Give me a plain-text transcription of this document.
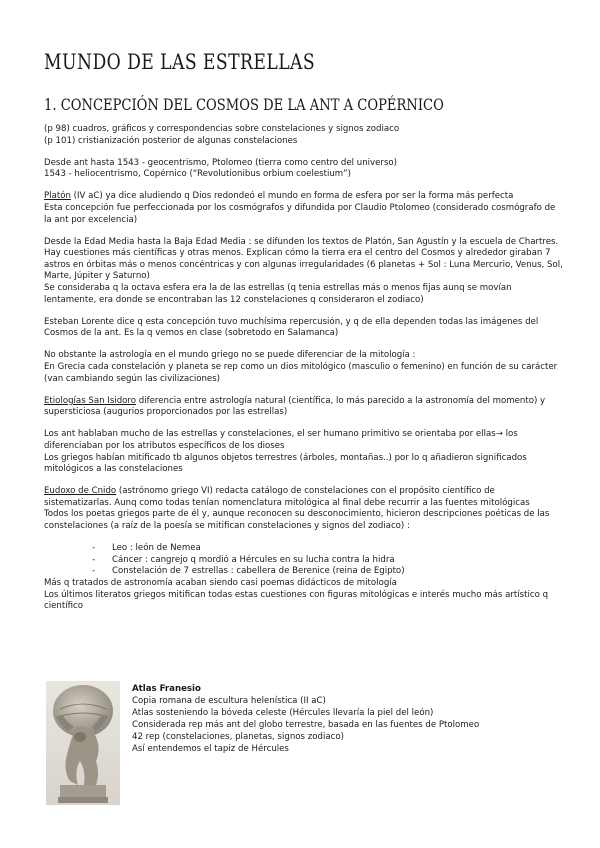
MUNDO DE LAS ESTRELLAS
1. CONCEPCIÓN DEL COSMOS DE LA ANT A COPÉRNICO

(p 98) cuadros, gráficos y correspondencias sobre constelaciones y signos zodiaco
(p 101) cristianización posterior de algunas constelaciones

Desde ant hasta 1543 - geocentrismo, Ptolomeo (tierra como centro del universo)
1543 - heliocentrismo, Copérnico (“Revolutionibus orbium coelestium”)

Platón (IV aC) ya dice aludiendo q Dios redondeó el mundo en forma de esfera por ser la forma más perfecta
Esta concepción fue perfeccionada por los cosmógrafos y difundida por Claudio Ptolomeo (considerado cosmógrafo de la ant por excelencia)

Desde la Edad Media hasta la Baja Edad Media : se difunden los textos de Platón, San Agustín y la escuela de Chartres. Hay cuestiones más científicas y otras menos. Explican cómo la tierra era el centro del Cosmos y alrededor giraban 7 astros en órbitas más o menos concéntricas y con algunas irregularidades (6 planetas + Sol : Luna Mercurio, Venus, Sol, Marte, Júpiter y Saturno)
Se consideraba q la octava esfera era la de las estrellas (q tenia estrellas más o menos fijas aunq se movían lentamente, era donde se encontraban las 12 constelaciones q consideraron el zodiaco)

Esteban Lorente dice q esta concepción tuvo muchísima repercusión, y q de ella dependen todas las imágenes del Cosmos de la ant. Es la q vemos en clase (sobretodo en Salamanca)

No obstante la astrología en el mundo griego no se puede diferenciar de la mitología :
En Grecia cada constelación y planeta se rep como un dios mitológico (masculio o femenino) en función de su carácter (van cambiando según las civilizaciones)

Etiologías San Isidoro diferencia entre astrología natural (científica, lo más parecido a la astronomía del momento) y supersticiosa (augurios proporcionados por las estrellas)

Los ant hablaban mucho de las estrellas y constelaciones, el ser humano primitivo se orientaba por ellas→ los diferenciaban por los atributos específicos de los dioses
Los griegos habían mitificado tb algunos objetos terrestres (árboles, montañas..) por lo q añadieron significados mitológicos a las constelaciones

Eudoxo de Cnido (astrónomo griego VI) redacta catálogo de constelaciones con el propósito científico de sistematizarlas. Aunq como todas tenían nomenclatura mitológica al final debe recurrir a las fuentes mitológicas
Todos los poetas griegos parte de él y, aunque reconocen su desconocimiento, hicieron descripciones poéticas de las constelaciones (a raíz de la poesía se mitifican constelaciones y signos del zodiaco) :

- Leo : león de Nemea
- Cáncer : cangrejo q mordió a Hércules en su lucha contra la hidra
- Constelación de 7 estrellas : cabellera de Berenice (reina de Egipto)
Más q tratados de astronomía acaban siendo casi poemas didácticos de mitología
Los últimos literatos griegos mitifican todas estas cuestiones con figuras mitológicas e interés mucho más artístico q científico

Atlas Franesio
Copia romana de escultura helenística (II aC)
Atlas sosteniendo la bóveda celeste (Hércules llevaría la piel del león)
Considerada rep más ant del globo terrestre, basada en las fuentes de Ptolomeo
42 rep (constelaciones, planetas, signos zodiaco)
Así entendemos el tapiz de Hércules
